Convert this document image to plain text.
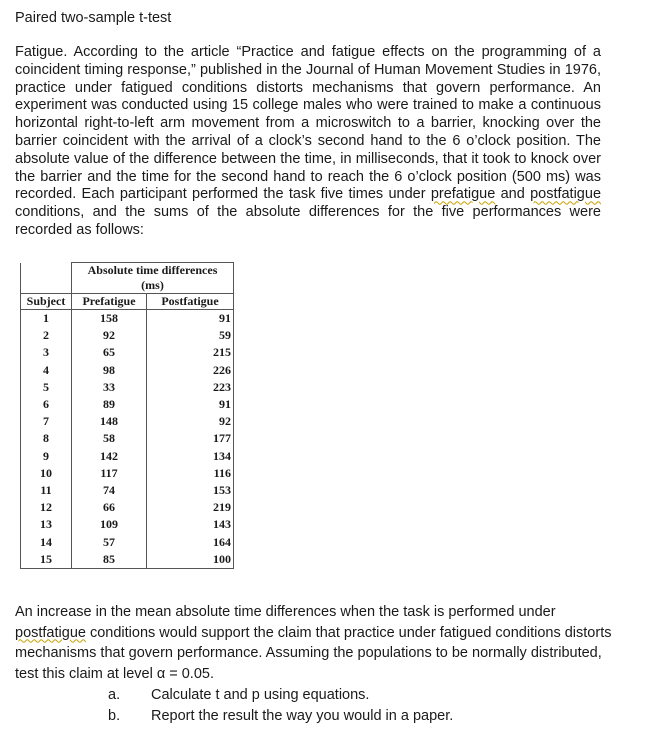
Paired two-sample t-test

Fatigue. According to the article “Practice and fatigue effects on the programming of a coincident timing response,” published in the Journal of Human Movement Studies in 1976, practice under fatigued conditions distorts mechanisms that govern performance. An experiment was conducted using 15 college males who were trained to make a continuous horizontal right-to-left arm movement from a microswitch to a barrier, knocking over the barrier coincident with the arrival of a clock’s second hand to the 6 o’clock position. The absolute value of the difference between the time, in milliseconds, that it took to knock over the barrier and the time for the second hand to reach the 6 o’clock position (500 ms) was recorded. Each participant performed the task five times under prefatigue and postfatigue conditions, and the sums of the absolute differences for the five performances were recorded as follows:

	Absolute time differences
(ms)	

Subject	Prefatigue	Postfatigue
1	158	91
2	92	59
3	65	215
4	98	226
5	33	223
6	89	91
7	148	92
8	58	177
9	142	134
10	117	116
11	74	153
12	66	219
13	109	143
14	57	164
15	85	100

An increase in the mean absolute time differences when the task is performed under postfatigue conditions would support the claim that practice under fatigued conditions distorts mechanisms that govern performance. Assuming the populations to be normally distributed, test this claim at level α = 0.05.

a. Calculate t and p using equations.
b. Report the result the way you would in a paper.
